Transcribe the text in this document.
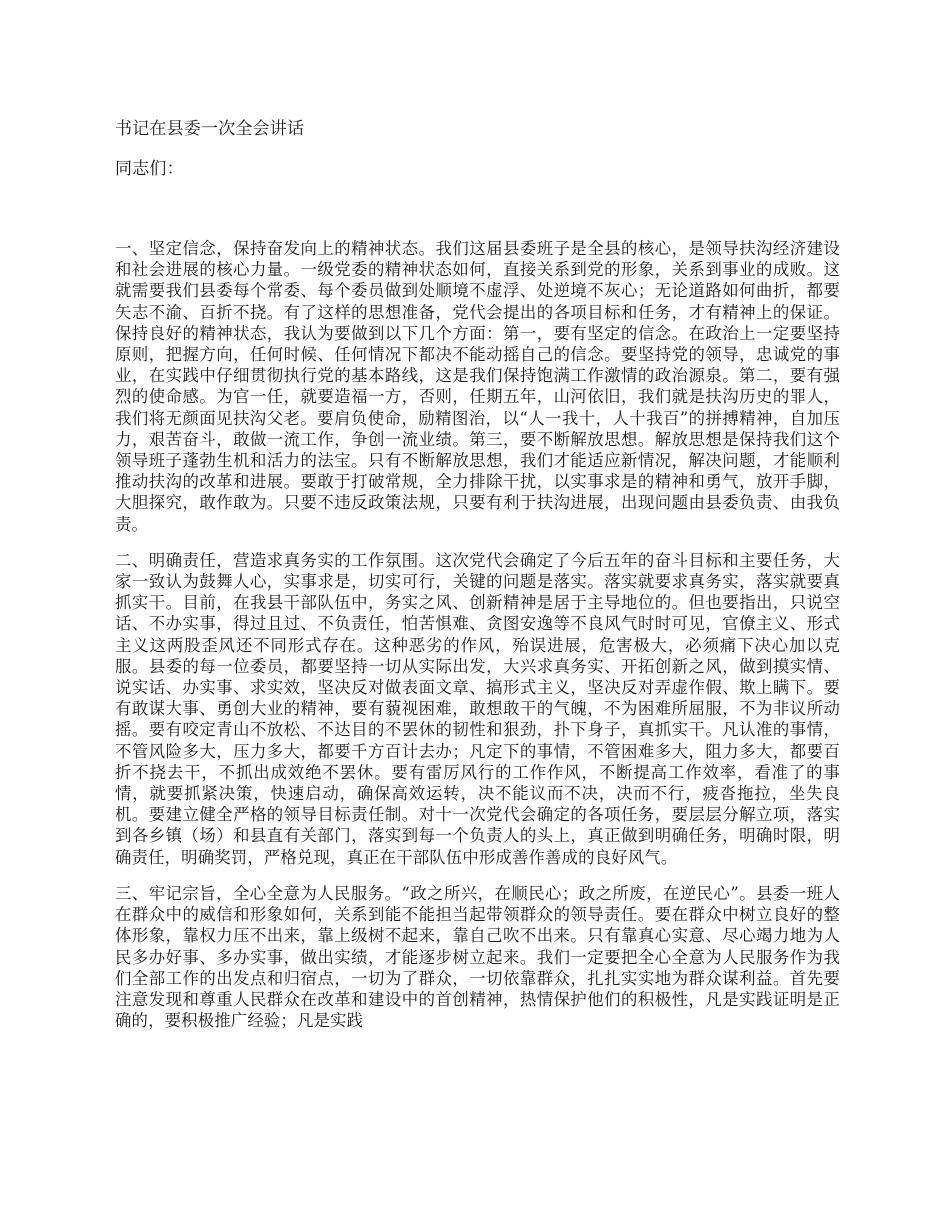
书记在县委一次全会讲话

同志们：

一、坚定信念，保持奋发向上的精神状态。我们这届县委班子是全县的核心，是领导扶沟经济建设和社会进展的核心力量。一级党委的精神状态如何，直接关系到党的形象，关系到事业的成败。这就需要我们县委每个常委、每个委员做到处顺境不虚浮、处逆境不灰心；无论道路如何曲折，都要矢志不渝、百折不挠。有了这样的思想准备，党代会提出的各项目标和任务，才有精神上的保证。保持良好的精神状态，我认为要做到以下几个方面：第一，要有坚定的信念。在政治上一定要坚持原则，把握方向，任何时候、任何情况下都决不能动摇自己的信念。要坚持党的领导，忠诚党的事业，在实践中仔细贯彻执行党的基本路线，这是我们保持饱满工作激情的政治源泉。第二，要有强烈的使命感。为官一任，就要造福一方，否则，任期五年，山河依旧，我们就是扶沟历史的罪人，我们将无颜面见扶沟父老。要肩负使命，励精图治，以“人一我十，人十我百”的拼搏精神，自加压力，艰苦奋斗，敢做一流工作，争创一流业绩。第三，要不断解放思想。解放思想是保持我们这个领导班子蓬勃生机和活力的法宝。只有不断解放思想，我们才能适应新情况，解决问题，才能顺利推动扶沟的改革和进展。要敢于打破常规，全力排除干扰，以实事求是的精神和勇气，放开手脚，大胆探究，敢作敢为。只要不违反政策法规，只要有利于扶沟进展，出现问题由县委负责、由我负责。

二、明确责任，营造求真务实的工作氛围。这次党代会确定了今后五年的奋斗目标和主要任务，大家一致认为鼓舞人心，实事求是，切实可行，关键的问题是落实。落实就要求真务实，落实就要真抓实干。目前，在我县干部队伍中，务实之风、创新精神是居于主导地位的。但也要指出，只说空话、不办实事，得过且过、不负责任，怕苦惧难、贪图安逸等不良风气时时可见，官僚主义、形式主义这两股歪风还不同形式存在。这种恶劣的作风，殆误进展，危害极大，必须痛下决心加以克服。县委的每一位委员，都要坚持一切从实际出发，大兴求真务实、开拓创新之风，做到摸实情、说实话、办实事、求实效，坚决反对做表面文章、搞形式主义，坚决反对弄虚作假、欺上瞒下。要有敢谋大事、勇创大业的精神，要有藐视困难，敢想敢干的气魄，不为困难所屈服，不为非议所动摇。要有咬定青山不放松、不达目的不罢休的韧性和狠劲，扑下身子，真抓实干。凡认准的事情，不管风险多大，压力多大，都要千方百计去办；凡定下的事情，不管困难多大，阻力多大，都要百折不挠去干，不抓出成效绝不罢休。要有雷厉风行的工作作风，不断提高工作效率，看准了的事情，就要抓紧决策，快速启动，确保高效运转，决不能议而不决，决而不行，疲沓拖拉，坐失良机。要建立健全严格的领导目标责任制。对十一次党代会确定的各项任务，要层层分解立项，落实到各乡镇（场）和县直有关部门，落实到每一个负责人的头上，真正做到明确任务，明确时限，明确责任，明确奖罚，严格兑现，真正在干部队伍中形成善作善成的良好风气。

三、牢记宗旨，全心全意为人民服务。“政之所兴，在顺民心；政之所废，在逆民心”。县委一班人在群众中的威信和形象如何，关系到能不能担当起带领群众的领导责任。要在群众中树立良好的整体形象，靠权力压不出来，靠上级树不起来，靠自己吹不出来。只有靠真心实意、尽心竭力地为人民多办好事、多办实事，做出实绩，才能逐步树立起来。我们一定要把全心全意为人民服务作为我们全部工作的出发点和归宿点，一切为了群众，一切依靠群众，扎扎实实地为群众谋利益。首先要注意发现和尊重人民群众在改革和建设中的首创精神，热情保护他们的积极性，凡是实践证明是正确的，要积极推广经验；凡是实践
